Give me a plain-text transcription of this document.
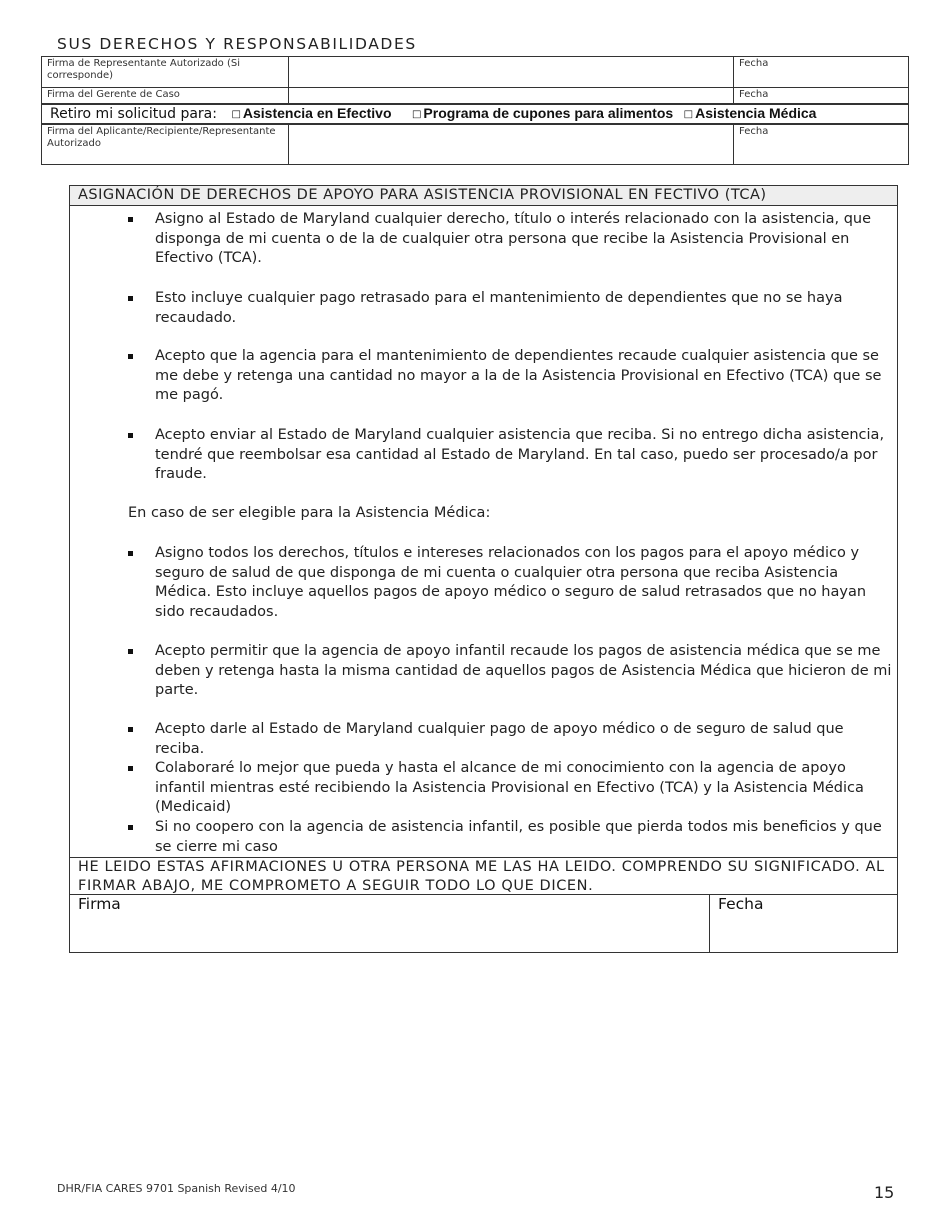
SUS DERECHOS Y RESPONSABILIDADES
Firma de Representante Autorizado (Si corresponde)		Fecha
Firma del Gerente de Caso		Fecha
Retiro mi solicitud para: □ Asistencia en Efectivo □ Programa de cupones para alimentos □ Asistencia Médica		
Firma del Aplicante/Recipiente/Representante Autorizado		Fecha
ASIGNACIÓN DE DERECHOS DE APOYO PARA ASISTENCIA PROVISIONAL EN FECTIVO (TCA)
Asigno al Estado de Maryland cualquier derecho, título o interés relacionado con la asistencia, que disponga de mi cuenta o de la de cualquier otra persona que recibe la Asistencia Provisional en Efectivo (TCA).
Esto incluye cualquier pago retrasado para el mantenimiento de dependientes que no se haya recaudado.
Acepto que la agencia para el mantenimiento de dependientes recaude cualquier asistencia que se me debe y retenga una cantidad no mayor a la de la Asistencia Provisional en Efectivo (TCA) que se me pagó.
Acepto enviar al Estado de Maryland cualquier asistencia que reciba. Si no entrego dicha asistencia, tendré que reembolsar esa cantidad al Estado de Maryland. En tal caso, puedo ser procesado/a por fraude.
En caso de ser elegible para la Asistencia Médica:
Asigno todos los derechos, títulos e intereses relacionados con los pagos para el apoyo médico y seguro de salud de que disponga de mi cuenta o cualquier otra persona que reciba Asistencia Médica. Esto incluye aquellos pagos de apoyo médico o seguro de salud retrasados que no hayan sido recaudados.
Acepto permitir que la agencia de apoyo infantil recaude los pagos de asistencia médica que se me deben y retenga hasta la misma cantidad de aquellos pagos de Asistencia Médica que hicieron de mi parte.
Acepto darle al Estado de Maryland cualquier pago de apoyo médico o de seguro de salud que reciba.
Colaboraré lo mejor que pueda y hasta el alcance de mi conocimiento con la agencia de apoyo infantil mientras esté recibiendo la Asistencia Provisional en Efectivo (TCA) y la Asistencia Médica (Medicaid)
Si no coopero con la agencia de asistencia infantil, es posible que pierda todos mis beneficios y que se cierre mi caso
HE LEIDO ESTAS AFIRMACIONES U OTRA PERSONA ME LAS HA LEIDO. COMPRENDO SU SIGNIFICADO. AL FIRMAR ABAJO, ME COMPROMETO A SEGUIR TODO LO QUE DICEN.
Firma	Fecha
DHR/FIA CARES 9701 Spanish Revised 4/10	15
